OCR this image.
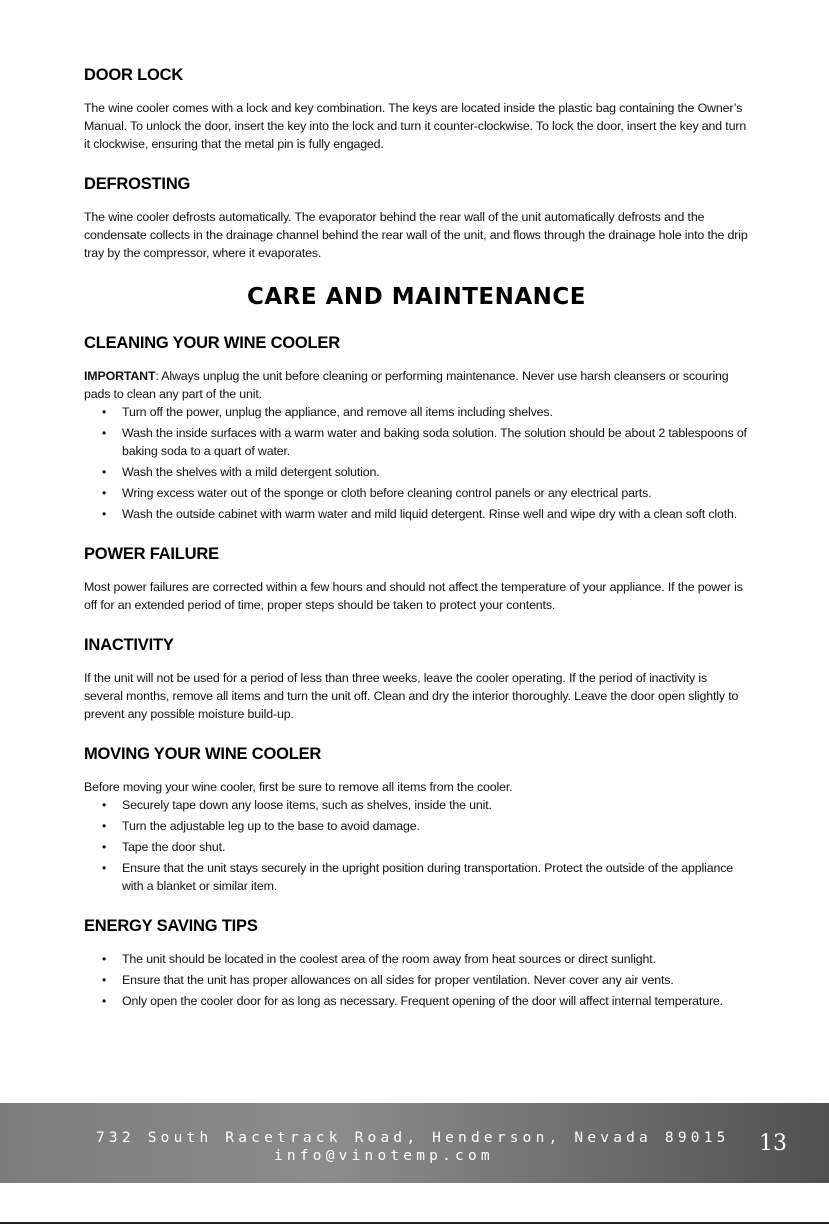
DOOR LOCK

The wine cooler comes with a lock and key combination. The keys are located inside the plastic bag containing the Owner’s Manual. To unlock the door, insert the key into the lock and turn it counter-clockwise. To lock the door, insert the key and turn it clockwise, ensuring that the metal pin is fully engaged.

DEFROSTING

The wine cooler defrosts automatically. The evaporator behind the rear wall of the unit automatically defrosts and the condensate collects in the drainage channel behind the rear wall of the unit, and flows through the drainage hole into the drip tray by the compressor, where it evaporates.

CARE AND MAINTENANCE
CLEANING YOUR WINE COOLER

IMPORTANT: Always unplug the unit before cleaning or performing maintenance. Never use harsh cleansers or scouring pads to clean any part of the unit.

• Turn off the power, unplug the appliance, and remove all items including shelves.
• Wash the inside surfaces with a warm water and baking soda solution. The solution should be about 2 tablespoons of baking soda to a quart of water.
• Wash the shelves with a mild detergent solution.
• Wring excess water out of the sponge or cloth before cleaning control panels or any electrical parts.
• Wash the outside cabinet with warm water and mild liquid detergent. Rinse well and wipe dry with a clean soft cloth.
POWER FAILURE

Most power failures are corrected within a few hours and should not affect the temperature of your appliance. If the power is off for an extended period of time, proper steps should be taken to protect your contents.

INACTIVITY

If the unit will not be used for a period of less than three weeks, leave the cooler operating. If the period of inactivity is several months, remove all items and turn the unit off. Clean and dry the interior thoroughly. Leave the door open slightly to prevent any possible moisture build-up.

MOVING YOUR WINE COOLER

Before moving your wine cooler, first be sure to remove all items from the cooler.

• Securely tape down any loose items, such as shelves, inside the unit.
• Turn the adjustable leg up to the base to avoid damage.
• Tape the door shut.
• Ensure that the unit stays securely in the upright position during transportation. Protect the outside of the appliance with a blanket or similar item.
ENERGY SAVING TIPS
• The unit should be located in the coolest area of the room away from heat sources or direct sunlight.
• Ensure that the unit has proper allowances on all sides for proper ventilation. Never cover any air vents.
• Only open the cooler door for as long as necessary. Frequent opening of the door will affect internal temperature.
732 South Racetrack Road, Henderson, Nevada 89015
info@vinotemp.com	13
